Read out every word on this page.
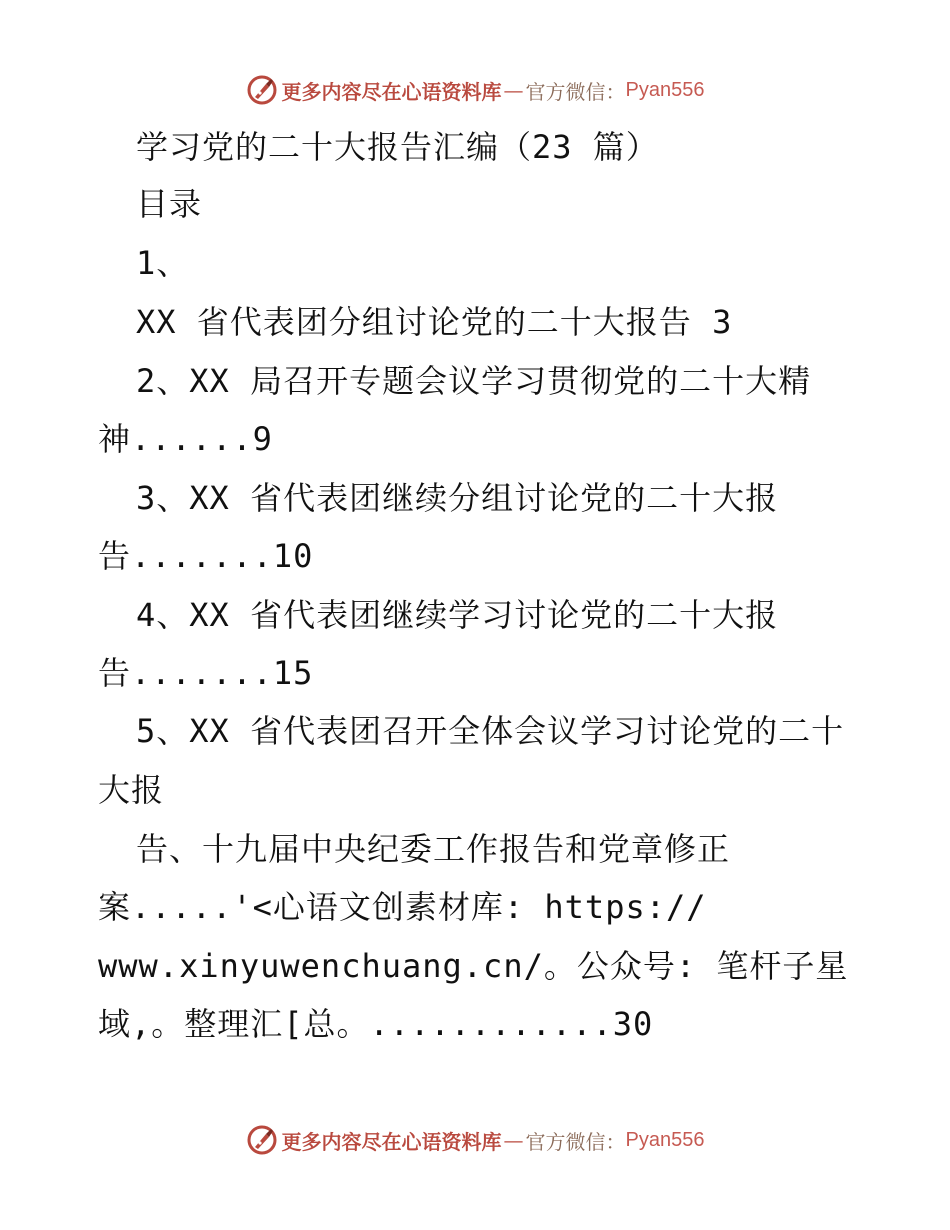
更多内容尽在心语资料库 — 官方微信： Pyan556
学习党的二十大报告汇编（23 篇）
目录
1、
XX 省代表团分组讨论党的二十大报告 3
2、XX 局召开专题会议学习贯彻党的二十大精
神......9
3、XX 省代表团继续分组讨论党的二十大报
告.......10
4、XX 省代表团继续学习讨论党的二十大报
告.......15
5、XX 省代表团召开全体会议学习讨论党的二十
大报
告、十九届中央纪委工作报告和党章修正
案.....'<心语文创素材库: https://
www.xinyuwenchuang.cn/。公众号: 笔杆子星
域,。整理汇[总。............30
更多内容尽在心语资料库 — 官方微信： Pyan556
